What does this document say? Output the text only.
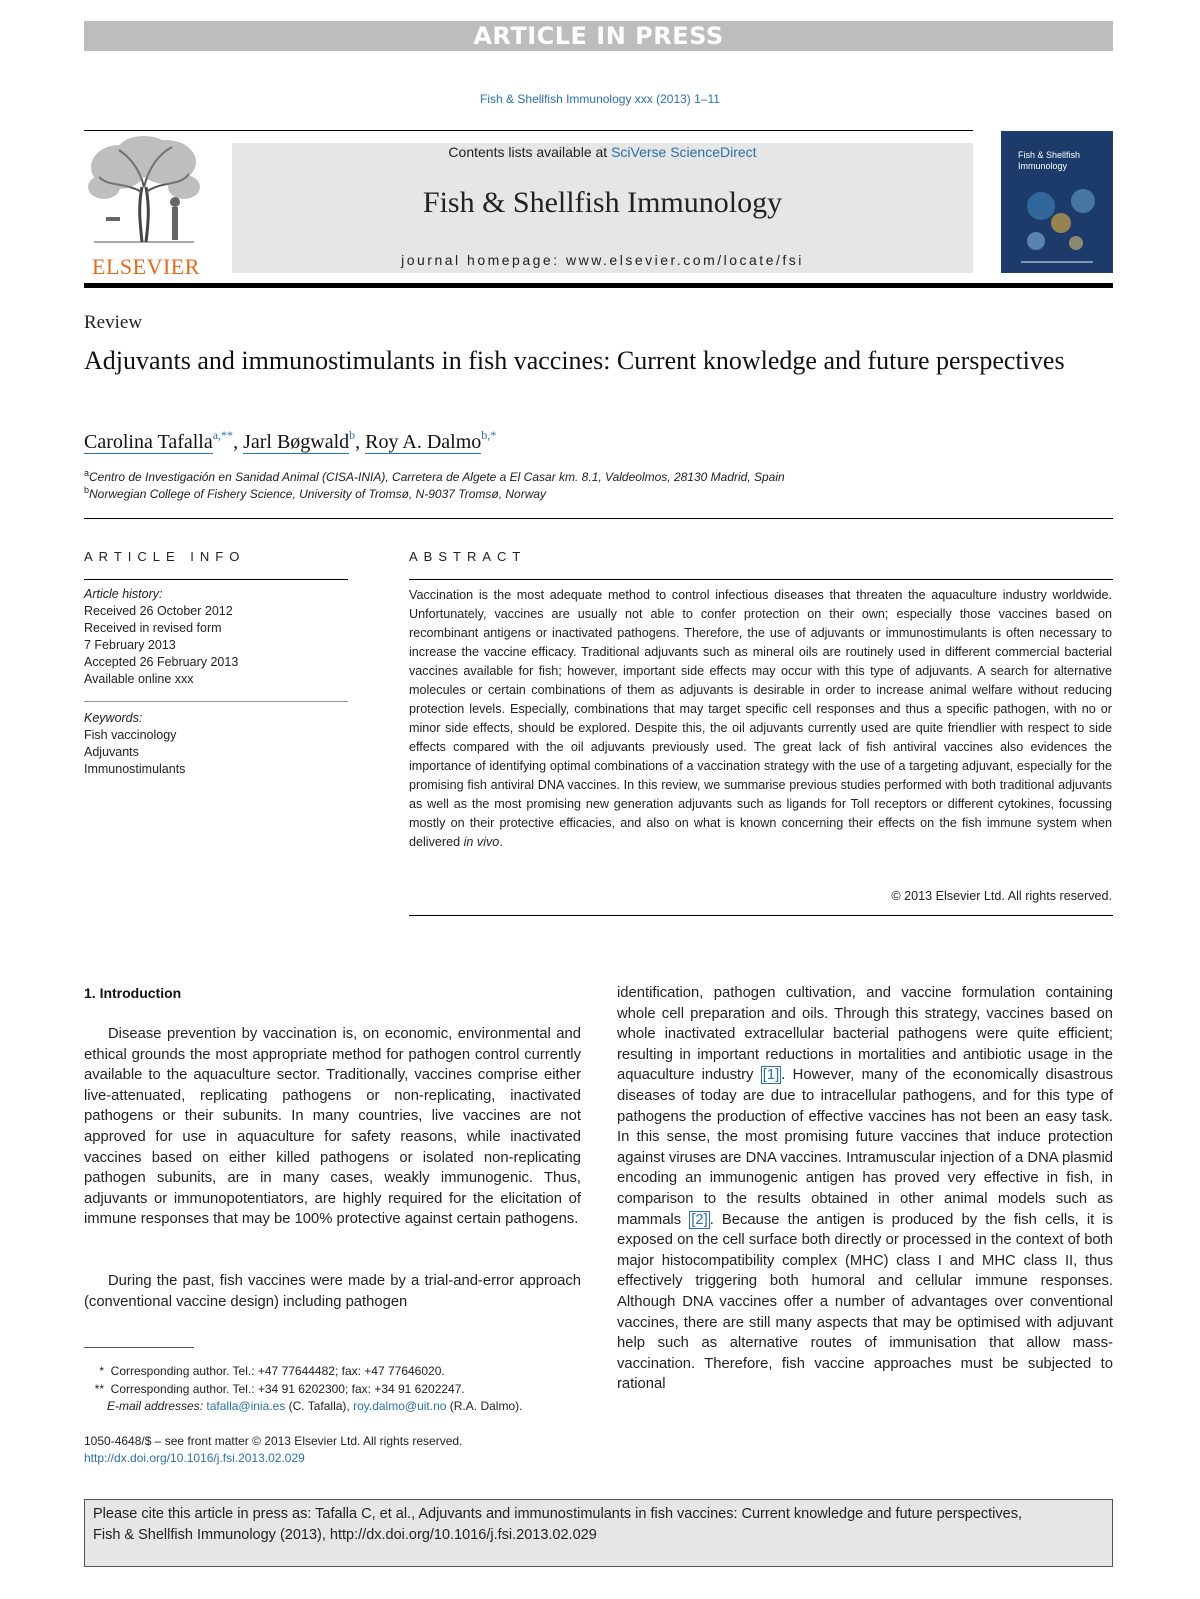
ARTICLE IN PRESS
Fish & Shellfish Immunology xxx (2013) 1–11
ELSEVIER
Contents lists available at SciVerse ScienceDirect
Fish & Shellfish Immunology
journal homepage: www.elsevier.com/locate/fsi
Fish & Shellfish Immunology
Review
Adjuvants and immunostimulants in fish vaccines: Current knowledge and future perspectives
Carolina Tafalla$^{a,**}$, Jarl Bøgwald$^b$, Roy A. Dalmo$^{b,*}$
$^a$Centro de Investigación en Sanidad Animal (CISA-INIA), Carretera de Algete a El Casar km. 8.1, Valdeolmos, 28130 Madrid, Spain
$^b$Norwegian College of Fishery Science, University of Tromsø, N-9037 Tromsø, Norway
ARTICLE INFO
Article history:
Received 26 October 2012
Received in revised form
7 February 2013
Accepted 26 February 2013
Available online xxx
Keywords:
Fish vaccinology
Adjuvants
Immunostimulants
ABSTRACT
Vaccination is the most adequate method to control infectious diseases that threaten the aquaculture industry worldwide. Unfortunately, vaccines are usually not able to confer protection on their own; especially those vaccines based on recombinant antigens or inactivated pathogens. Therefore, the use of adjuvants or immunostimulants is often necessary to increase the vaccine efficacy. Traditional adjuvants such as mineral oils are routinely used in different commercial bacterial vaccines available for fish; however, important side effects may occur with this type of adjuvants. A search for alternative molecules or certain combinations of them as adjuvants is desirable in order to increase animal welfare without reducing protection levels. Especially, combinations that may target specific cell responses and thus a specific pathogen, with no or minor side effects, should be explored. Despite this, the oil adjuvants currently used are quite friendlier with respect to side effects compared with the oil adjuvants previously used. The great lack of fish antiviral vaccines also evidences the importance of identifying optimal combinations of a vaccination strategy with the use of a targeting adjuvant, especially for the promising fish antiviral DNA vaccines. In this review, we summarise previous studies performed with both traditional adjuvants as well as the most promising new generation adjuvants such as ligands for Toll receptors or different cytokines, focussing mostly on their protective efficacies, and also on what is known concerning their effects on the fish immune system when delivered in vivo.
© 2013 Elsevier Ltd. All rights reserved.
1. Introduction
Disease prevention by vaccination is, on economic, environmental and ethical grounds the most appropriate method for pathogen control currently available to the aquaculture sector. Traditionally, vaccines comprise either live-attenuated, replicating pathogens or non-replicating, inactivated pathogens or their subunits. In many countries, live vaccines are not approved for use in aquaculture for safety reasons, while inactivated vaccines based on either killed pathogens or isolated non-replicating pathogen subunits, are in many cases, weakly immunogenic. Thus, adjuvants or immunopotentiators, are highly required for the elicitation of immune responses that may be 100% protective against certain pathogens.
During the past, fish vaccines were made by a trial-and-error approach (conventional vaccine design) including pathogen
identification, pathogen cultivation, and vaccine formulation containing whole cell preparation and oils. Through this strategy, vaccines based on whole inactivated extracellular bacterial pathogens were quite efficient; resulting in important reductions in mortalities and antibiotic usage in the aquaculture industry [1] . However, many of the economically disastrous diseases of today are due to intracellular pathogens, and for this type of pathogens the production of effective vaccines has not been an easy task. In this sense, the most promising future vaccines that induce protection against viruses are DNA vaccines. Intramuscular injection of a DNA plasmid encoding an immunogenic antigen has proved very effective in fish, in comparison to the results obtained in other animal models such as mammals [2] . Because the antigen is produced by the fish cells, it is exposed on the cell surface both directly or processed in the context of both major histocompatibility complex (MHC) class I and MHC class II, thus effectively triggering both humoral and cellular immune responses. Although DNA vaccines offer a number of advantages over conventional vaccines, there are still many aspects that may be optimised with adjuvant help such as alternative routes of immunisation that allow mass-vaccination. Therefore, fish vaccine approaches must be subjected to rational
* Corresponding author. Tel.: +47 77644482; fax: +47 77646020.
** Corresponding author. Tel.: +34 91 6202300; fax: +34 91 6202247.
E-mail addresses: tafalla@inia.es (C. Tafalla), roy.dalmo@uit.no (R.A. Dalmo).
1050-4648/$ – see front matter © 2013 Elsevier Ltd. All rights reserved.
http://dx.doi.org/10.1016/j.fsi.2013.02.029
Please cite this article in press as: Tafalla C, et al., Adjuvants and immunostimulants in fish vaccines: Current knowledge and future perspectives,
Fish & Shellfish Immunology (2013), http://dx.doi.org/10.1016/j.fsi.2013.02.029
